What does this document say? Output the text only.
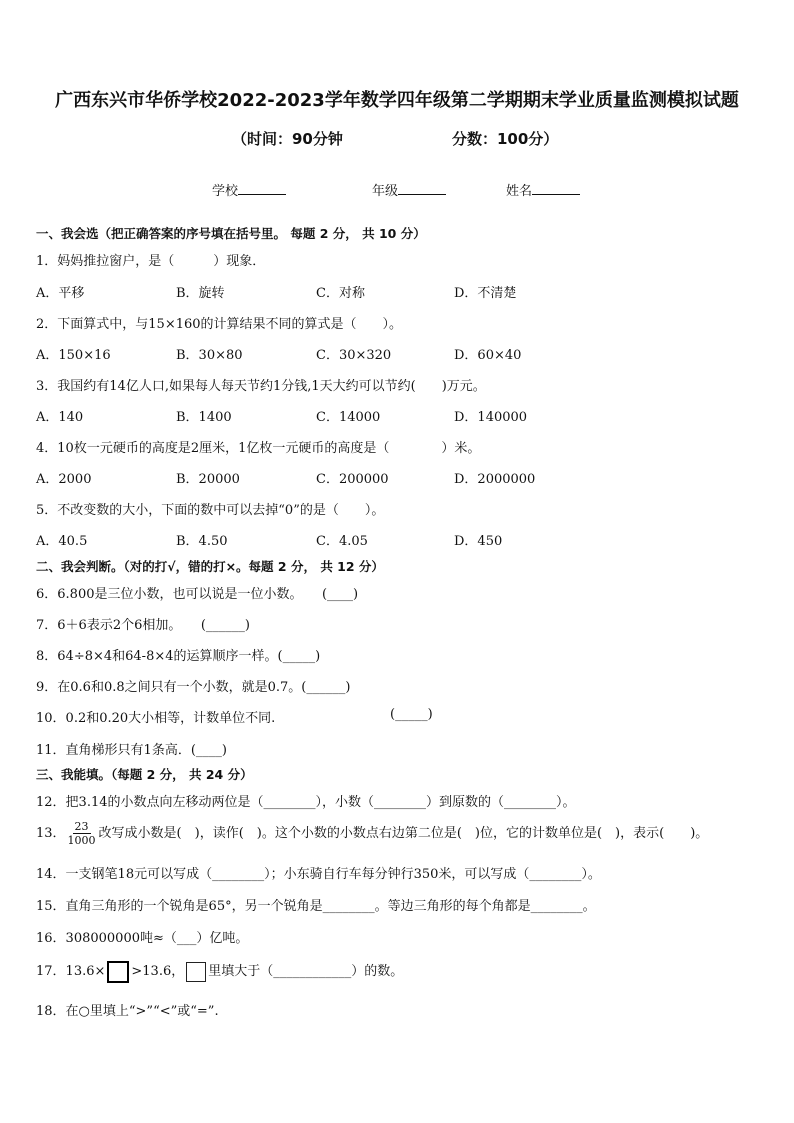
广西东兴市华侨学校2022-2023学年数学四年级第二学期期末学业质量监测模拟试题
（时间：90分钟	分数：100分）
学校	年级	姓名
一、我会选（把正确答案的序号填在括号里。 每题 2 分， 共 10 分）
1．妈妈推拉窗户，是（　　　）现象．
A．平移	B．旋转	C．对称	D．不清楚
2．下面算式中，与15×160的计算结果不同的算式是（　　）。
A．150×16	B．30×80	C．30×320	D．60×40
3．我国约有14亿人口,如果每人每天节约1分钱,1天大约可以节约(　　)万元。
A．140	B．1400	C．14000	D．140000
4．10枚一元硬币的高度是2厘米，1亿枚一元硬币的高度是（　　　　）米。
A．2000	B．20000	C．200000	D．2000000
5．不改变数的大小，下面的数中可以去掉“0”的是（　　）。
A．40.5	B．4.50	C．4.05	D．450
二、我会判断。（对的打√，错的打×。每题 2 分， 共 12 分）
6．6.800是三位小数，也可以说是一位小数。　　(____)
7．6＋6表示2个6相加。　　(______)
8．64÷8×4和64-8×4的运算顺序一样。(_____)
9．在0.6和0.8之间只有一个小数，就是0.7。(______)
10．0.2和0.20大小相等，计数单位不同.	(_____)
11．直角梯形只有1条高．(____)
三、我能填。（每题 2 分， 共 24 分）
12．把3.14的小数点向左移动两位是（________），小数（________）到原数的（________）。
13． $\frac{23}{1000}$ 改写成小数是(　)，读作(　)。这个小数的小数点右边第二位是(　)位，它的计数单位是(　)，表示(　　)。
14．一支钢笔18元可以写成（________）；小东骑自行车每分钟行350米，可以写成（________）。
15．直角三角形的一个锐角是65°，另一个锐角是________。等边三角形的每个角都是________。
16．308000000吨≈（___）亿吨。
17．13.6× >13.6， 里填大于（____________）的数。
18．在○里填上“>”“<”或“=”.
